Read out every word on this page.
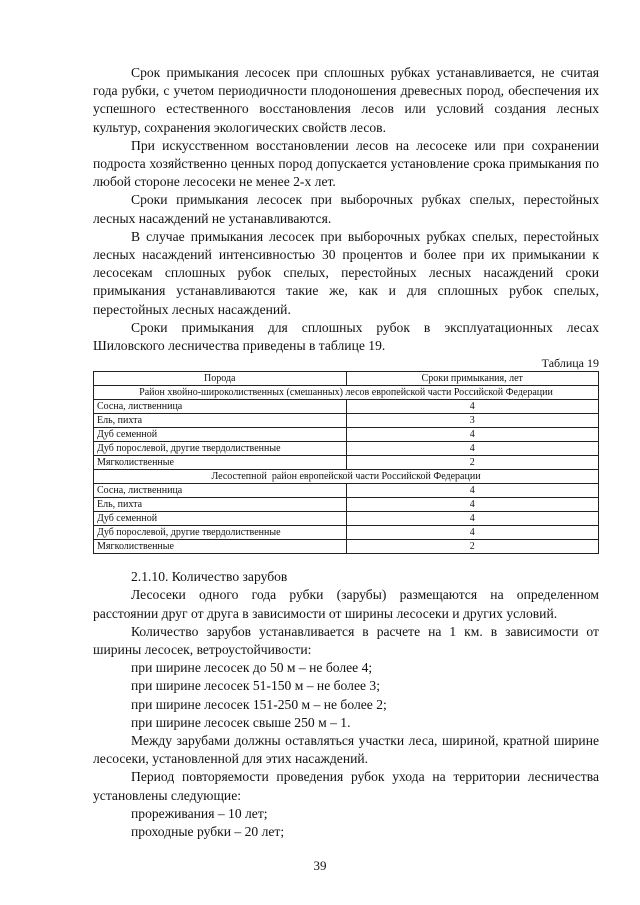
Срок примыкания лесосек при сплошных рубках устанавливается, не считая года рубки, с учетом периодичности плодоношения древесных пород, обеспечения их успешного естественного восстановления лесов или условий создания лесных культур, сохранения экологических свойств лесов.

При искусственном восстановлении лесов на лесосеке или при сохранении подроста хозяйственно ценных пород допускается установление срока примыкания по любой стороне лесосеки не менее 2-х лет.

Сроки примыкания лесосек при выборочных рубках спелых, перестойных лесных насаждений не устанавливаются.

В случае примыкания лесосек при выборочных рубках спелых, перестойных лесных насаждений интенсивностью 30 процентов и более при их примыкании к лесосекам сплошных рубок спелых, перестойных лесных насаждений сроки примыкания устанавливаются такие же, как и для сплошных рубок спелых, перестойных лесных насаждений.

Сроки примыкания для сплошных рубок в эксплуатационных лесах Шиловского лесничества приведены в таблице 19.

Таблица 19
Порода	Сроки примыкания, лет
Район хвойно-широколиственных (смешанных) лесов европейской части Российской Федерации	
Сосна, лиственница	4
Ель, пихта	3
Дуб семенной	4
Дуб порослевой, другие твердолиственные	4
Мягколиственные	2
Лесостепной  район европейской части Российской Федерации	
Сосна, лиственница	4
Ель, пихта	4
Дуб семенной	4
Дуб порослевой, другие твердолиственные	4
Мягколиственные	2

2.1.10. Количество зарубов

Лесосеки одного года рубки (зарубы) размещаются на определенном расстоянии друг от друга в зависимости от ширины лесосеки и других условий.

Количество зарубов устанавливается в расчете на 1 км. в зависимости от ширины лесосек, ветроустойчивости:

при ширине лесосек до 50 м – не более 4;
при ширине лесосек 51-150 м – не более 3;
при ширине лесосек 151-250 м – не более 2;
при ширине лесосек свыше 250 м – 1.

Между зарубами должны оставляться участки леса, шириной, кратной ширине лесосеки, установленной для этих насаждений.

Период повторяемости проведения рубок ухода на территории лесничества установлены следующие:

прореживания – 10 лет;
проходные рубки – 20 лет;
39
